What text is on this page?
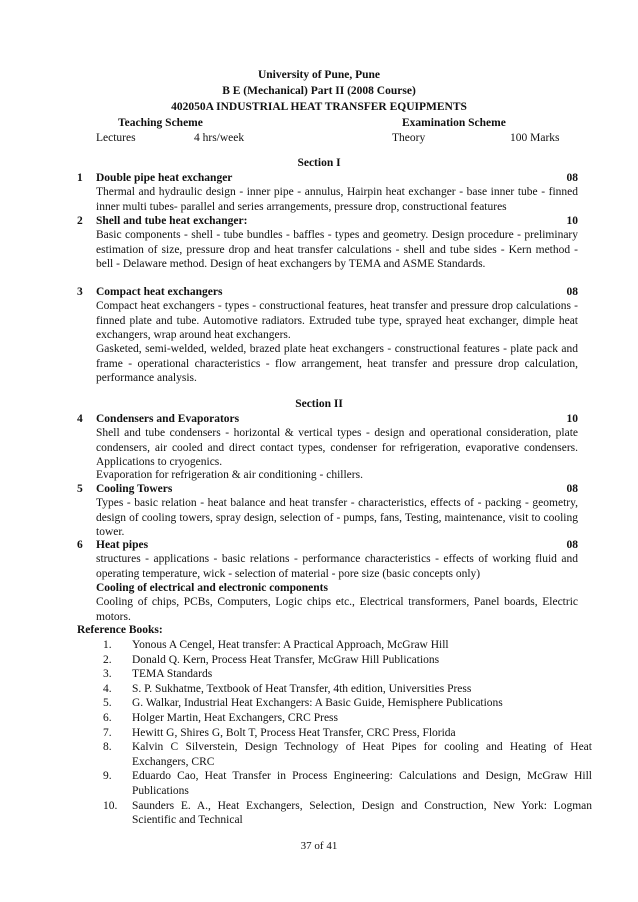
University of Pune, Pune
B E (Mechanical) Part II (2008 Course)
402050A INDUSTRIAL HEAT TRANSFER EQUIPMENTS
Teaching Scheme	Examination Scheme
Lectures	4 hrs/week	Theory	100 Marks
Section I
1 Double pipe heat exchanger	08
Thermal and hydraulic design - inner pipe - annulus, Hairpin heat exchanger - base inner tube - finned inner multi tubes- parallel and series arrangements, pressure drop, constructional features
2 Shell and tube heat exchanger:	10
Basic components - shell - tube bundles - baffles - types and geometry. Design procedure - preliminary estimation of size, pressure drop and heat transfer calculations - shell and tube sides - Kern method - bell - Delaware method. Design of heat exchangers by TEMA and ASME Standards.
3 Compact heat exchangers	08
Compact heat exchangers - types - constructional features, heat transfer and pressure drop calculations - finned plate and tube. Automotive radiators. Extruded tube type, sprayed heat exchanger, dimple heat exchangers, wrap around heat exchangers.
Gasketed, semi-welded, welded, brazed plate heat exchangers - constructional features - plate pack and frame - operational characteristics - flow arrangement, heat transfer and pressure drop calculation, performance analysis.
Section II
4 Condensers and Evaporators	10
Shell and tube condensers - horizontal & vertical types - design and operational consideration, plate condensers, air cooled and direct contact types, condenser for refrigeration, evaporative condensers. Applications to cryogenics.
Evaporation for refrigeration & air conditioning - chillers.
5 Cooling Towers	08
Types - basic relation - heat balance and heat transfer - characteristics, effects of - packing - geometry, design of cooling towers, spray design, selection of - pumps, fans, Testing, maintenance, visit to cooling tower.
6 Heat pipes	08
structures - applications - basic relations - performance characteristics - effects of working fluid and operating temperature, wick - selection of material - pore size (basic concepts only)
Cooling of electrical and electronic components
Cooling of chips, PCBs, Computers, Logic chips etc., Electrical transformers, Panel boards, Electric motors.
Reference Books:
1. Yonous A Cengel, Heat transfer: A Practical Approach, McGraw Hill
2. Donald Q. Kern, Process Heat Transfer, McGraw Hill Publications
3. TEMA Standards
4. S. P. Sukhatme, Textbook of Heat Transfer, 4th edition, Universities Press
5. G. Walkar, Industrial Heat Exchangers: A Basic Guide, Hemisphere Publications
6. Holger Martin, Heat Exchangers, CRC Press
7. Hewitt G, Shires G, Bolt T, Process Heat Transfer, CRC Press, Florida
8. Kalvin C Silverstein, Design Technology of Heat Pipes for cooling and Heating of Heat Exchangers, CRC
9. Eduardo Cao, Heat Transfer in Process Engineering: Calculations and Design, McGraw Hill Publications
10. Saunders E. A., Heat Exchangers, Selection, Design and Construction, New York: Logman Scientific and Technical
37 of 41
